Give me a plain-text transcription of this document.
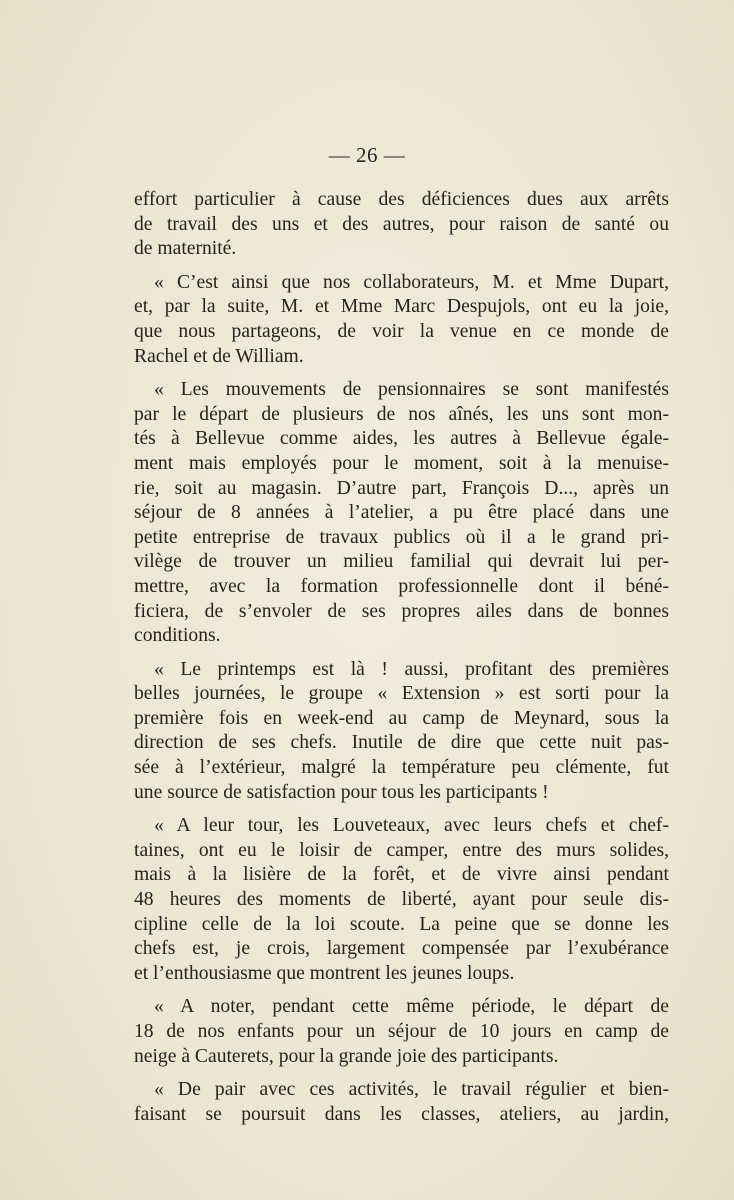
— 26 —
effort particulier à cause des déficiences dues aux arrêts
de travail des uns et des autres, pour raison de santé ou
de maternité.
« C’est ainsi que nos collaborateurs, M. et Mme Dupart,
et, par la suite, M. et Mme Marc Despujols, ont eu la joie,
que nous partageons, de voir la venue en ce monde de
Rachel et de William.
« Les mouvements de pensionnaires se sont manifestés
par le départ de plusieurs de nos aînés, les uns sont mon-
tés à Bellevue comme aides, les autres à Bellevue égale-
ment mais employés pour le moment, soit à la menuise-
rie, soit au magasin. D’autre part, François D..., après un
séjour de 8 années à l’atelier, a pu être placé dans une
petite entreprise de travaux publics où il a le grand pri-
vilège de trouver un milieu familial qui devrait lui per-
mettre, avec la formation professionnelle dont il béné-
ficiera, de s’envoler de ses propres ailes dans de bonnes
conditions.
« Le printemps est là ! aussi, profitant des premières
belles journées, le groupe « Extension » est sorti pour la
première fois en week-end au camp de Meynard, sous la
direction de ses chefs. Inutile de dire que cette nuit pas-
sée à l’extérieur, malgré la température peu clémente, fut
une source de satisfaction pour tous les participants !
« A leur tour, les Louveteaux, avec leurs chefs et chef-
taines, ont eu le loisir de camper, entre des murs solides,
mais à la lisière de la forêt, et de vivre ainsi pendant
48 heures des moments de liberté, ayant pour seule dis-
cipline celle de la loi scoute. La peine que se donne les
chefs est, je crois, largement compensée par l’exubérance
et l’enthousiasme que montrent les jeunes loups.
« A noter, pendant cette même période, le départ de
18 de nos enfants pour un séjour de 10 jours en camp de
neige à Cauterets, pour la grande joie des participants.
« De pair avec ces activités, le travail régulier et bien-
faisant se poursuit dans les classes, ateliers, au jardin,
